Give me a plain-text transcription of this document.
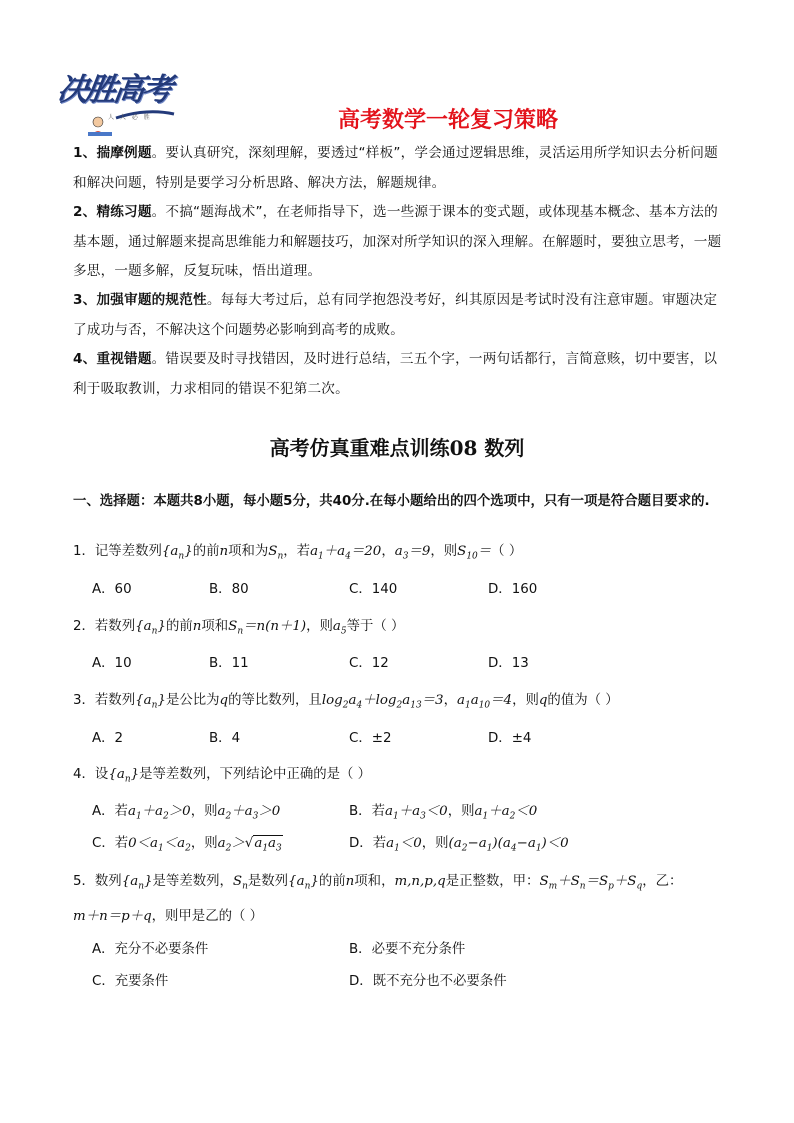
决胜高考
人 人 必 胜	高考数学一轮复习策略

1、揣摩例题。要认真研究，深刻理解，要透过“样板”，学会通过逻辑思维，灵活运用所学知识去分析问题和解决问题，特别是要学习分析思路、解决方法，解题规律。

2、精练习题。不搞“题海战术”，在老师指导下，选一些源于课本的变式题，或体现基本概念、基本方法的基本题，通过解题来提高思维能力和解题技巧，加深对所学知识的深入理解。在解题时，要独立思考，一题多思，一题多解，反复玩味，悟出道理。

3、加强审题的规范性。每每大考过后，总有同学抱怨没考好，纠其原因是考试时没有注意审题。审题决定了成功与否，不解决这个问题势必影响到高考的成败。

4、重视错题。错误要及时寻找错因，及时进行总结，三五个字，一两句话都行，言简意赅，切中要害，以利于吸取教训，力求相同的错误不犯第二次。

高考仿真重难点训练08 数列

一、选择题：本题共8小题，每小题5分，共40分.在每小题给出的四个选项中，只有一项是符合题目要求的.

1．记等差数列$\{a_n\}$的前n项和为$S_n$，若$a_1+a_4=20$，$a_3=9$，则$S_{10}=$（ ）
A．60	B．80	C．140	D．160
2．若数列$\{a_n\}$的前n项和$S_n=n(n+1)$，则$a_5$等于（ ）
A．10	B．11	C．12	D．13
3．若数列$\{a_n\}$是公比为q的等比数列，且$\log_2a_4+\log_2a_{13}=3$，$a_1a_{10}=4$，则q的值为（ ）
A．2	B．4	C．±2	D．±4
4．设$\{a_n\}$是等差数列，下列结论中正确的是（ ）
A．若$a_1+a_2>0$，则$a_2+a_3>0$	B．若$a_1+a_3<0$，则$a_1+a_2<0$
C．若$0<a_1<a_2$，则$a_2>√a_1a_3$	D．若$a_1<0$，则$(a_2-a_1)(a_4-a_1)<0$
5．数列$\{a_n\}$是等差数列，$S_n$是数列$\{a_n\}$的前n项和，m,n,p,q是正整数，甲：$S_m+S_n=S_p+S_q$，乙：
m＋n＝p＋q，则甲是乙的（ ）
A．充分不必要条件	B．必要不充分条件
C．充要条件	D．既不充分也不必要条件
